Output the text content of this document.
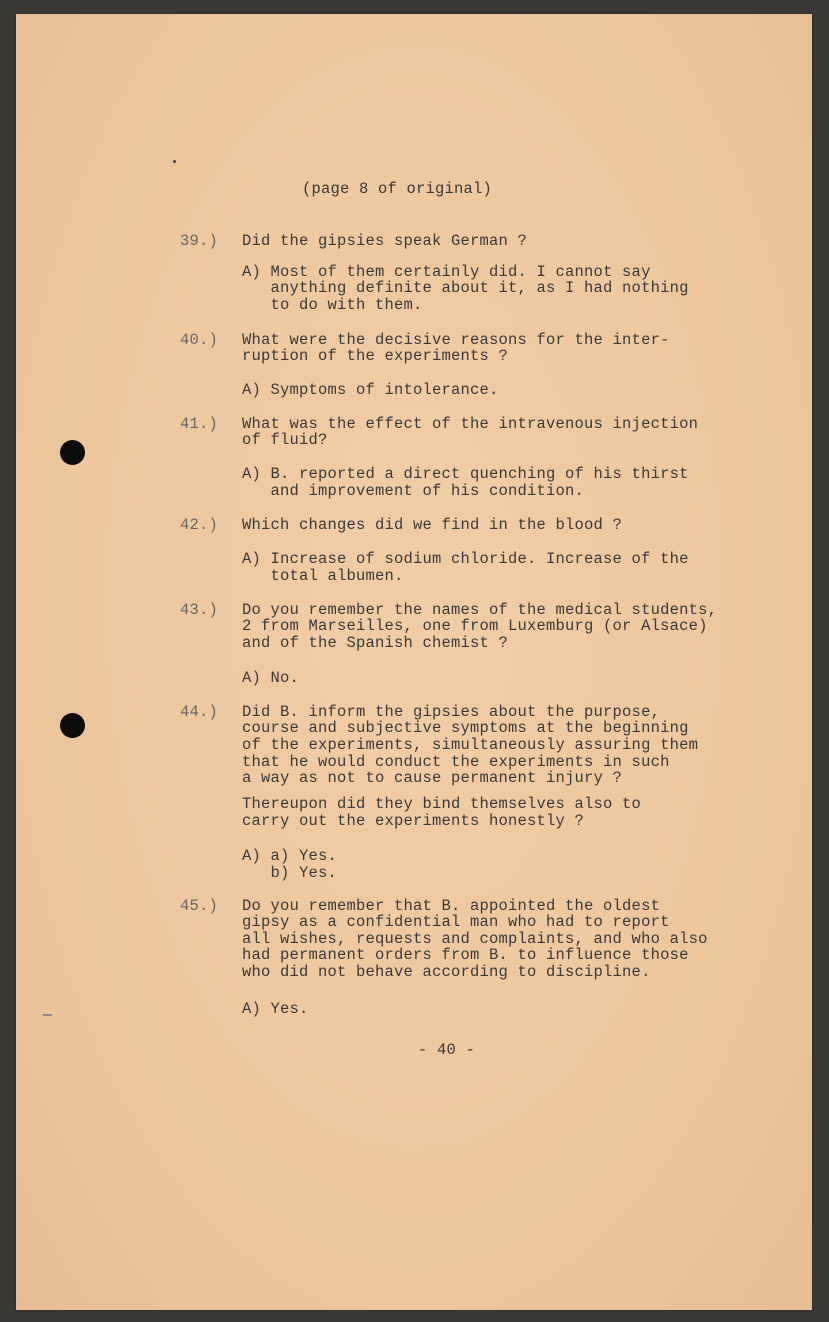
(page 8 of original)

39.) Did the gipsies speak German ?

A) Most of them certainly did. I cannot say

anything definite about it, as I had nothing

to do with them.

40.) What were the decisive reasons for the inter-

ruption of the experiments ?

A) Symptoms of intolerance.

41.) What was the effect of the intravenous injection

of fluid?

A) B. reported a direct quenching of his thirst

and improvement of his condition.

42.) Which changes did we find in the blood ?

A) Increase of sodium chloride. Increase of the

total albumen.

43.) Do you remember the names of the medical students,

2 from Marseilles, one from Luxemburg (or Alsace)

and of the Spanish chemist ?

A) No.

44.) Did B. inform the gipsies about the purpose,

course and subjective symptoms at the beginning

of the experiments, simultaneously assuring them

that he would conduct the experiments in such

a way as not to cause permanent injury ?

Thereupon did they bind themselves also to

carry out the experiments honestly ?

A) a) Yes.

b) Yes.

45.) Do you remember that B. appointed the oldest

gipsy as a confidential man who had to report

all wishes, requests and complaints, and who also

had permanent orders from B. to influence those

who did not behave according to discipline.

A) Yes.

- 40 -
